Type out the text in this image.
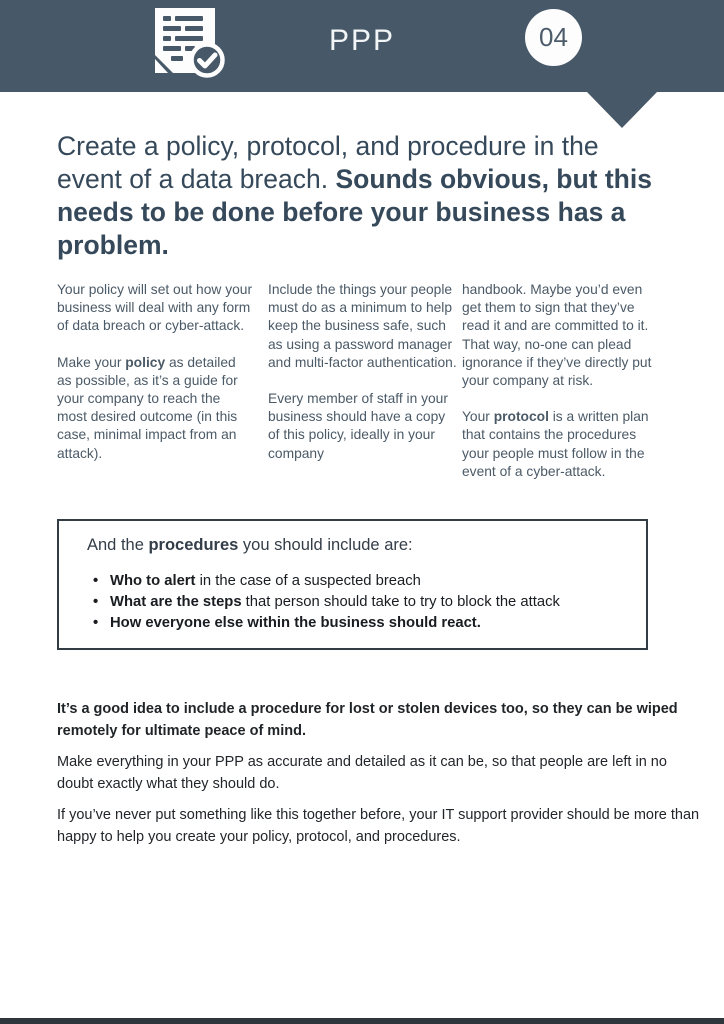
PPP	04
Create a policy, protocol, and procedure in the event of a data breach. Sounds obvious, but this needs to be done before your business has a problem.

Your policy will set out how your business will deal with any form of data breach or cyber-attack.

Make your policy as detailed as possible, as it’s a guide for your company to reach the most desired outcome (in this case, minimal impact from an attack).

Include the things your people must do as a minimum to help keep the business safe, such as using a password manager and multi-factor authentication.

Every member of staff in your business should have a copy of this policy, ideally in your company

handbook. Maybe you’d even get them to sign that they’ve read it and are committed to it. That way, no-one can plead ignorance if they’ve directly put your company at risk.

Your protocol is a written plan that contains the procedures your people must follow in the event of a cyber-attack.

And the procedures you should include are:
• Who to alert in the case of a suspected breach
• What are the steps that person should take to try to block the attack
• How everyone else within the business should react.

It’s a good idea to include a procedure for lost or stolen devices too, so they can be wiped remotely for ultimate peace of mind.

Make everything in your PPP as accurate and detailed as it can be, so that people are left in no doubt exactly what they should do.

If you’ve never put something like this together before, your IT support provider should be more than happy to help you create your policy, protocol, and procedures.
